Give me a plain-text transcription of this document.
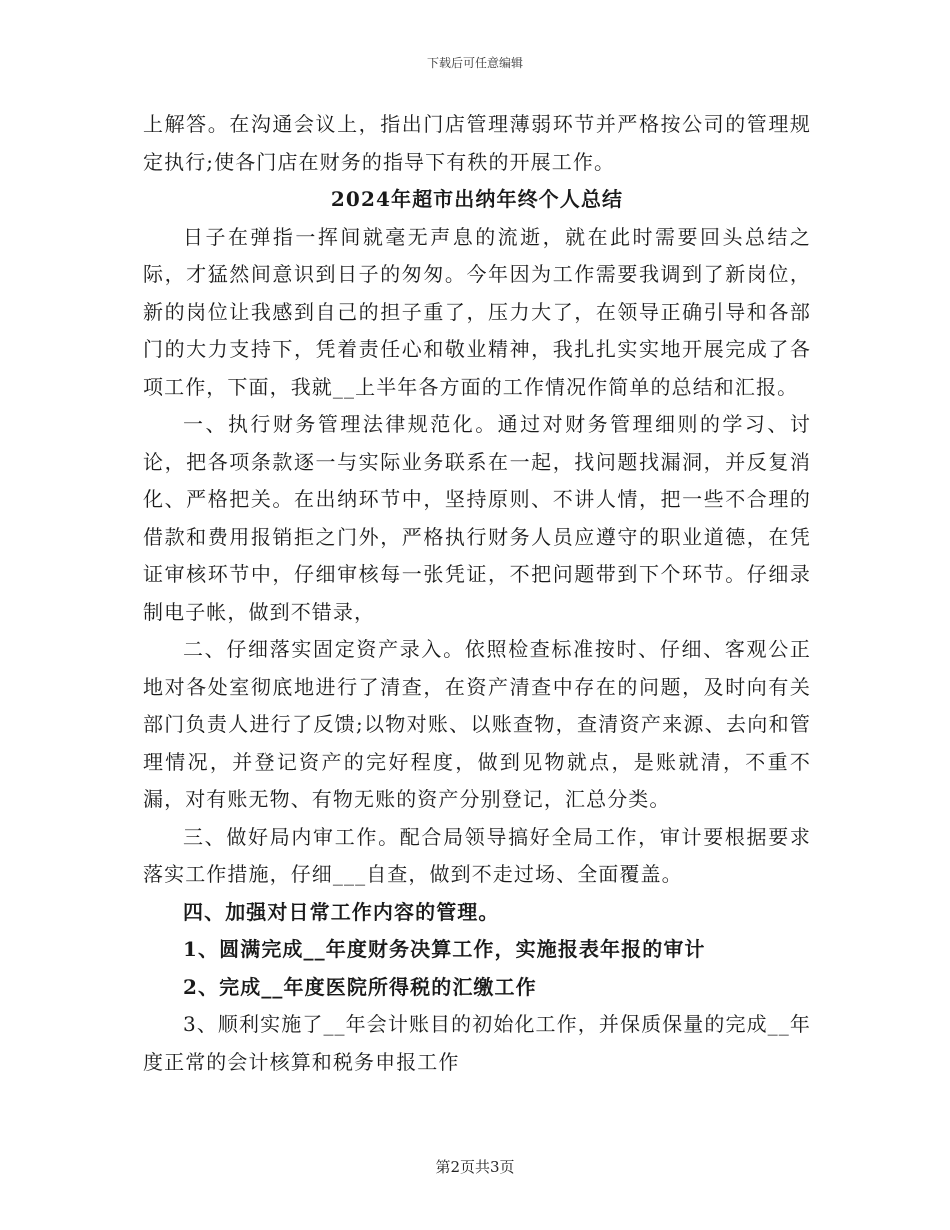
下载后可任意编辑

上解答。在沟通会议上，指出门店管理薄弱环节并严格按公司的管理规定执行;使各门店在财务的指导下有秩的开展工作。

2024年超市出纳年终个人总结

日子在弹指一挥间就毫无声息的流逝，就在此时需要回头总结之际，才猛然间意识到日子的匆匆。今年因为工作需要我调到了新岗位，新的岗位让我感到自己的担子重了，压力大了，在领导正确引导和各部门的大力支持下，凭着责任心和敬业精神，我扎扎实实地开展完成了各项工作，下面，我就__上半年各方面的工作情况作简单的总结和汇报。

一、执行财务管理法律规范化。通过对财务管理细则的学习、讨论，把各项条款逐一与实际业务联系在一起，找问题找漏洞，并反复消化、严格把关。在出纳环节中，坚持原则、不讲人情，把一些不合理的借款和费用报销拒之门外，严格执行财务人员应遵守的职业道德，在凭证审核环节中，仔细审核每一张凭证，不把问题带到下个环节。仔细录制电子帐，做到不错录，

二、仔细落实固定资产录入。依照检查标准按时、仔细、客观公正地对各处室彻底地进行了清查，在资产清查中存在的问题，及时向有关部门负责人进行了反馈;以物对账、以账查物，查清资产来源、去向和管理情况，并登记资产的完好程度，做到见物就点，是账就清，不重不漏，对有账无物、有物无账的资产分别登记，汇总分类。

三、做好局内审工作。配合局领导搞好全局工作，审计要根据要求落实工作措施，仔细___自查，做到不走过场、全面覆盖。

四、加强对日常工作内容的管理。

1、圆满完成__年度财务决算工作，实施报表年报的审计

2、完成__年度医院所得税的汇缴工作

3、顺利实施了__年会计账目的初始化工作，并保质保量的完成__年度正常的会计核算和税务申报工作

第2页共3页
